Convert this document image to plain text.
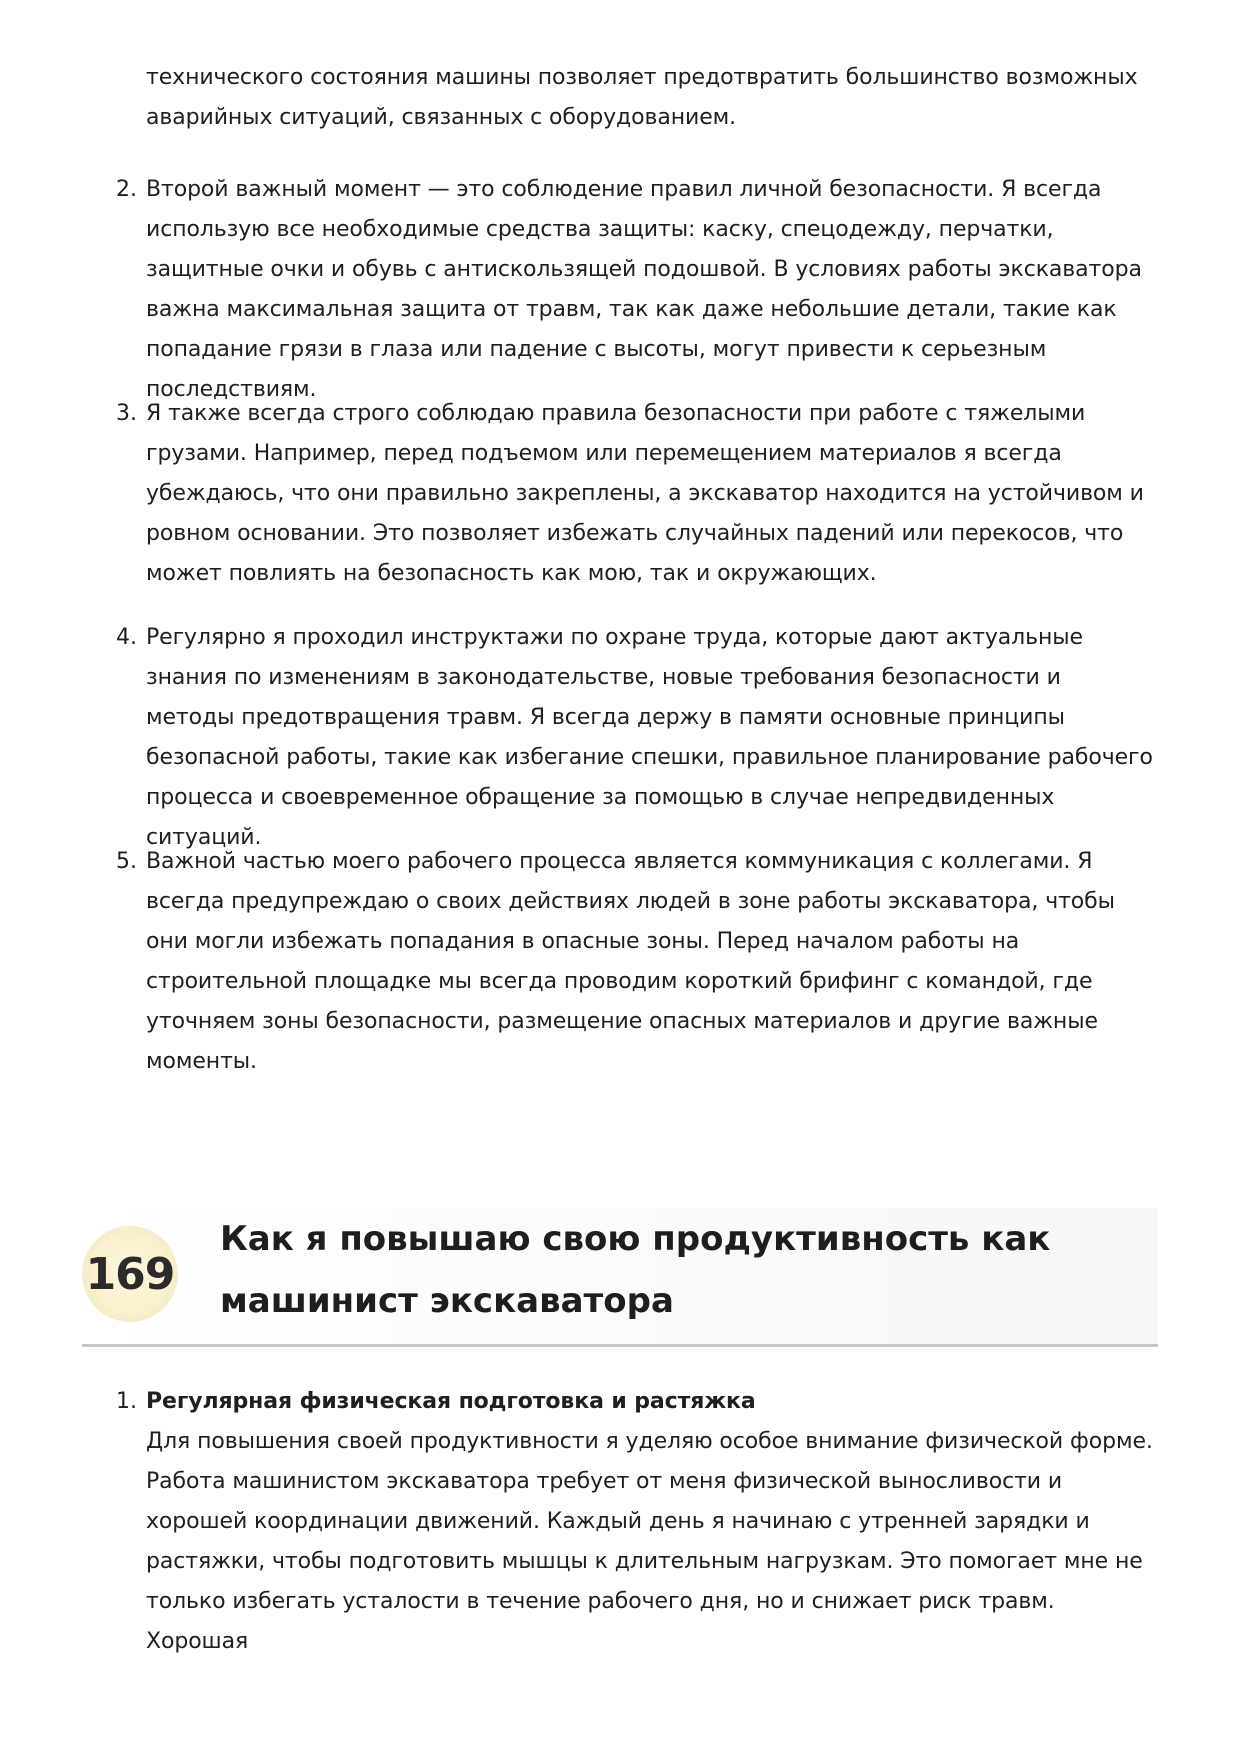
технического состояния машины позволяет предотвратить большинство возможных аварийных ситуаций, связанных с оборудованием.
2. Второй важный момент — это соблюдение правил личной безопасности. Я всегда использую все необходимые средства защиты: каску, спецодежду, перчатки, защитные очки и обувь с антискользящей подошвой. В условиях работы экскаватора важна максимальная защита от травм, так как даже небольшие детали, такие как попадание грязи в глаза или падение с высоты, могут привести к серьезным последствиям.
3. Я также всегда строго соблюдаю правила безопасности при работе с тяжелыми грузами. Например, перед подъемом или перемещением материалов я всегда убеждаюсь, что они правильно закреплены, а экскаватор находится на устойчивом и ровном основании. Это позволяет избежать случайных падений или перекосов, что может повлиять на безопасность как мою, так и окружающих.
4. Регулярно я проходил инструктажи по охране труда, которые дают актуальные знания по изменениям в законодательстве, новые требования безопасности и методы предотвращения травм. Я всегда держу в памяти основные принципы безопасной работы, такие как избегание спешки, правильное планирование рабочего процесса и своевременное обращение за помощью в случае непредвиденных ситуаций.
5. Важной частью моего рабочего процесса является коммуникация с коллегами. Я всегда предупреждаю о своих действиях людей в зоне работы экскаватора, чтобы они могли избежать попадания в опасные зоны. Перед началом работы на строительной площадке мы всегда проводим короткий брифинг с командой, где уточняем зоны безопасности, размещение опасных материалов и другие важные моменты.
169
Как я повышаю свою продуктивность как
машинист экскаватора
1. Регулярная физическая подготовка и растяжка
Для повышения своей продуктивности я уделяю особое внимание физической форме. Работа машинистом экскаватора требует от меня физической выносливости и хорошей координации движений. Каждый день я начинаю с утренней зарядки и растяжки, чтобы подготовить мышцы к длительным нагрузкам. Это помогает мне не только избегать усталости в течение рабочего дня, но и снижает риск травм. Хорошая
